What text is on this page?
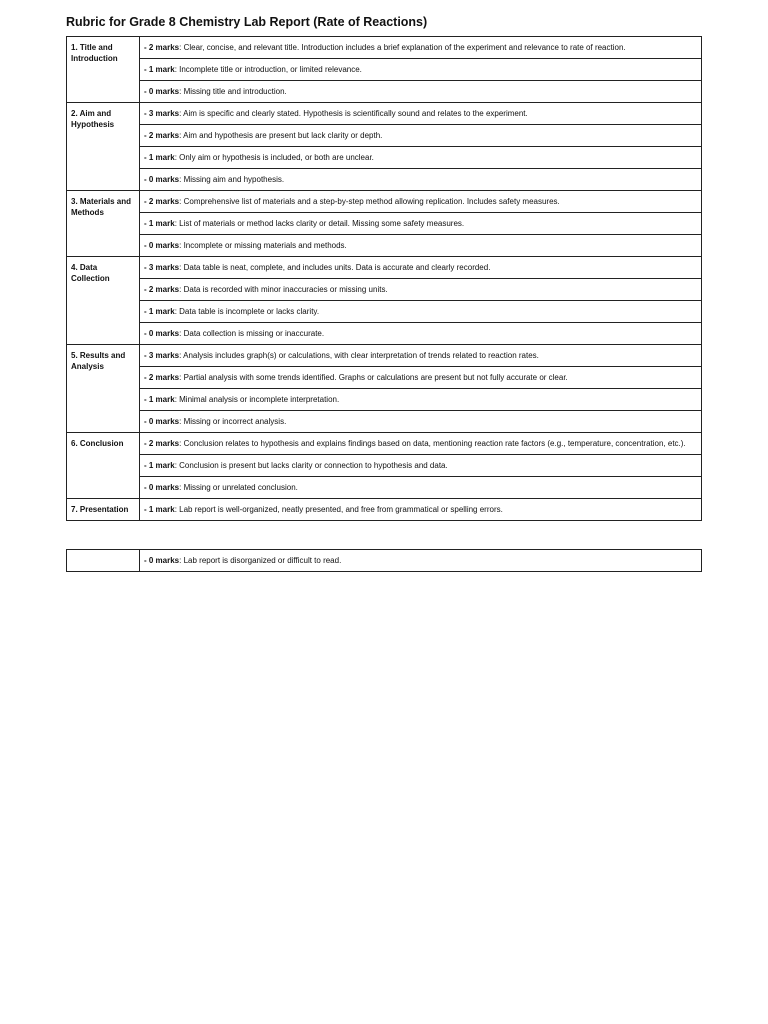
Rubric for Grade 8 Chemistry Lab Report (Rate of Reactions)
1. Title and Introduction	- 2 marks: Clear, concise, and relevant title. Introduction includes a brief explanation of the experiment and relevance to rate of reaction.
	- 1 mark: Incomplete title or introduction, or limited relevance.
	- 0 marks: Missing title and introduction.
2. Aim and Hypothesis	- 3 marks: Aim is specific and clearly stated. Hypothesis is scientifically sound and relates to the experiment.
	- 2 marks: Aim and hypothesis are present but lack clarity or depth.
	- 1 mark: Only aim or hypothesis is included, or both are unclear.
	- 0 marks: Missing aim and hypothesis.
3. Materials and Methods	- 2 marks: Comprehensive list of materials and a step-by-step method allowing replication. Includes safety measures.
	- 1 mark: List of materials or method lacks clarity or detail. Missing some safety measures.
	- 0 marks: Incomplete or missing materials and methods.
4. Data Collection	- 3 marks: Data table is neat, complete, and includes units. Data is accurate and clearly recorded.
	- 2 marks: Data is recorded with minor inaccuracies or missing units.
	- 1 mark: Data table is incomplete or lacks clarity.
	- 0 marks: Data collection is missing or inaccurate.
5. Results and Analysis	- 3 marks: Analysis includes graph(s) or calculations, with clear interpretation of trends related to reaction rates.
	- 2 marks: Partial analysis with some trends identified. Graphs or calculations are present but not fully accurate or clear.
	- 1 mark: Minimal analysis or incomplete interpretation.
	- 0 marks: Missing or incorrect analysis.
6. Conclusion	- 2 marks: Conclusion relates to hypothesis and explains findings based on data, mentioning reaction rate factors (e.g., temperature, concentration, etc.).
	- 1 mark: Conclusion is present but lacks clarity or connection to hypothesis and data.
	- 0 marks: Missing or unrelated conclusion.
7. Presentation	- 1 mark: Lab report is well-organized, neatly presented, and free from grammatical or spelling errors.
	- 0 marks: Lab report is disorganized or difficult to read.
